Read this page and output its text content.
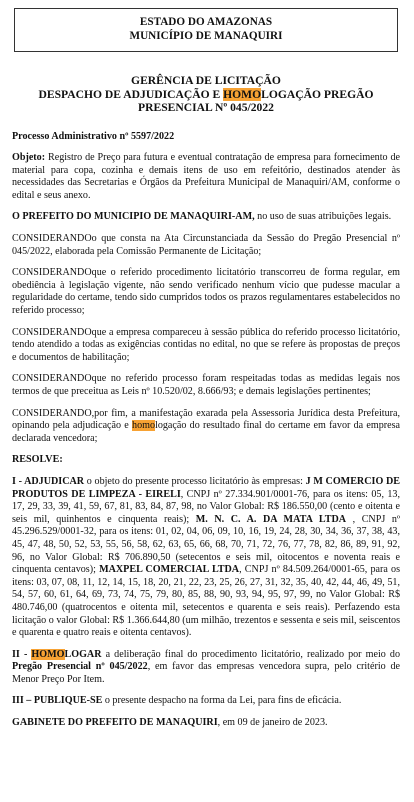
ESTADO DO AMAZONAS
MUNICÍPIO DE MANAQUIRI
GERÊNCIA DE LICITAÇÃO
DESPACHO DE ADJUDICAÇÃO E HOMOLOGAÇÃO PREGÃO
PRESENCIAL Nº 045/2022

Processo Administrativo nº 5597/2022

Objeto: Registro de Preço para futura e eventual contratação de empresa para fornecimento de material para copa, cozinha e demais itens de uso em refeitório, destinados atender às necessidades das Secretarias e Órgãos da Prefeitura Municipal de Manaquiri/AM, conforme o edital e seus anexo.

O PREFEITO DO MUNICIPIO DE MANAQUIRI-AM, no uso de suas atribuições legais.

CONSIDERANDOo que consta na Ata Circunstanciada da Sessão do Pregão Presencial nº 045/2022, elaborada pela Comissão Permanente de Licitação;

CONSIDERANDOque o referido procedimento licitatório transcorreu de forma regular, em obediência à legislação vigente, não sendo verificado nenhum vício que pudesse macular a regularidade do certame, tendo sido cumpridos todos os prazos regulamentares estabelecidos no referido processo;

CONSIDERANDOque a empresa compareceu à sessão pública do referido processo licitatório, tendo atendido a todas as exigências contidas no edital, no que se refere às propostas de preços e documentos de habilitação;

CONSIDERANDOque no referido processo foram respeitadas todas as medidas legais nos termos de que preceitua as Leis nº 10.520/02, 8.666/93; e demais legislações pertinentes;

CONSIDERANDO,por fim, a manifestação exarada pela Assessoria Jurídica desta Prefeitura, opinando pela adjudicação e homologação do resultado final do certame em favor da empresa declarada vencedora;

RESOLVE:

I - ADJUDICAR o objeto do presente processo licitatório às empresas: J M COMERCIO DE PRODUTOS DE LIMPEZA - EIRELI, CNPJ nº 27.334.901/0001-76, para os itens: 05, 13, 17, 29, 33, 39, 41, 59, 67, 81, 83, 84, 87, 98, no Valor Global: R$ 186.550,00 (cento e oitenta e seis mil, quinhentos e cinquenta reais); M. N. C. A. DA MATA LTDA , CNPJ nº 45.296.529/0001-32, para os itens: 01, 02, 04, 06, 09, 10, 16, 19, 24, 28, 30, 34, 36, 37, 38, 43, 45, 47, 48, 50, 52, 53, 55, 56, 58, 62, 63, 65, 66, 68, 70, 71, 72, 76, 77, 78, 82, 86, 89, 91, 92, 96, no Valor Global: R$ 706.890,50 (setecentos e seis mil, oitocentos e noventa reais e cinquenta centavos); MAXPEL COMERCIAL LTDA, CNPJ nº 84.509.264/0001-65, para os itens: 03, 07, 08, 11, 12, 14, 15, 18, 20, 21, 22, 23, 25, 26, 27, 31, 32, 35, 40, 42, 44, 46, 49, 51, 54, 57, 60, 61, 64, 69, 73, 74, 75, 79, 80, 85, 88, 90, 93, 94, 95, 97, 99, no Valor Global: R$ 480.746,00 (quatrocentos e oitenta mil, setecentos e quarenta e seis reais). Perfazendo esta licitação o valor Global: R$ 1.366.644,80 (um milhão, trezentos e sessenta e seis mil, seiscentos e quarenta e quatro reais e oitenta centavos).

II - HOMOLOGAR a deliberação final do procedimento licitatório, realizado por meio do Pregão Presencial nº 045/2022, em favor das empresas vencedora supra, pelo critério de Menor Preço Por Item.

III – PUBLIQUE-SE o presente despacho na forma da Lei, para fins de eficácia.

GABINETE DO PREFEITO DE MANAQUIRI, em 09 de janeiro de 2023.
